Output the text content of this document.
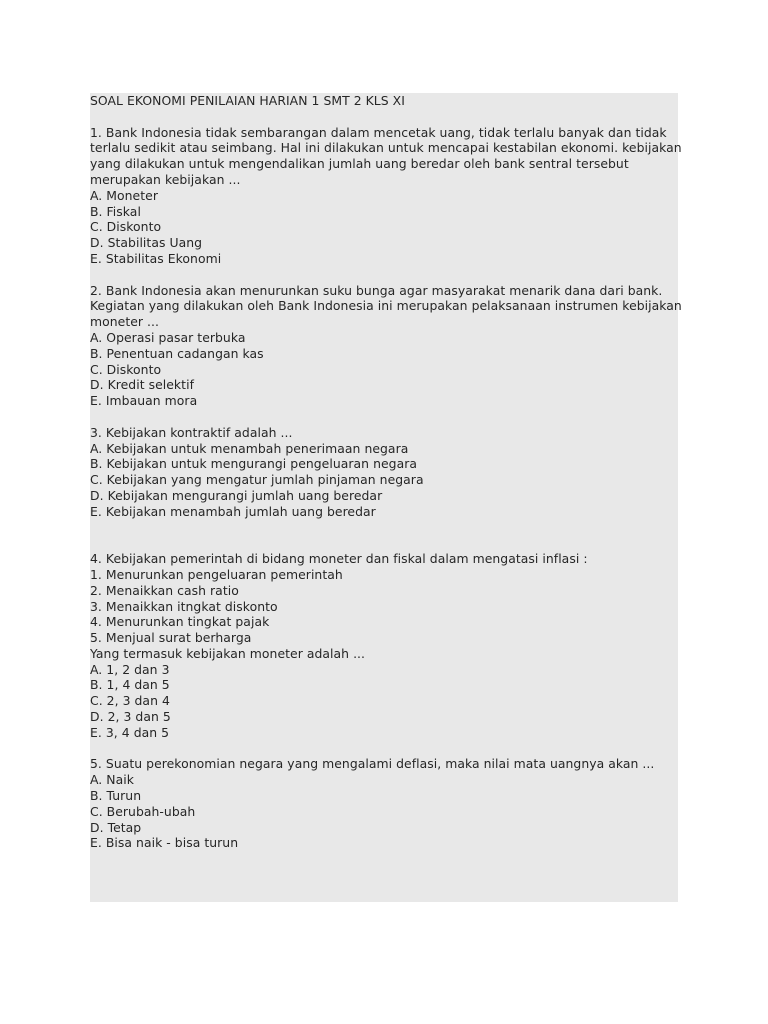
SOAL EKONOMI PENILAIAN HARIAN 1 SMT 2 KLS XI
1. Bank Indonesia tidak sembarangan dalam mencetak uang, tidak terlalu banyak dan tidak
terlalu sedikit atau seimbang. Hal ini dilakukan untuk mencapai kestabilan ekonomi. kebijakan
yang dilakukan untuk mengendalikan jumlah uang beredar oleh bank sentral tersebut
merupakan kebijakan ...
A. Moneter
B. Fiskal
C. Diskonto
D. Stabilitas Uang
E. Stabilitas Ekonomi
2. Bank Indonesia akan menurunkan suku bunga agar masyarakat menarik dana dari bank.
Kegiatan yang dilakukan oleh Bank Indonesia ini merupakan pelaksanaan instrumen kebijakan
moneter ...
A. Operasi pasar terbuka
B. Penentuan cadangan kas
C. Diskonto
D. Kredit selektif
E. Imbauan mora
3. Kebijakan kontraktif adalah ...
A. Kebijakan untuk menambah penerimaan negara
B. Kebijakan untuk mengurangi pengeluaran negara
C. Kebijakan yang mengatur jumlah pinjaman negara
D. Kebijakan mengurangi jumlah uang beredar
E. Kebijakan menambah jumlah uang beredar
4. Kebijakan pemerintah di bidang moneter dan fiskal dalam mengatasi inflasi :
1. Menurunkan pengeluaran pemerintah
2. Menaikkan cash ratio
3. Menaikkan itngkat diskonto
4. Menurunkan tingkat pajak
5. Menjual surat berharga
Yang termasuk kebijakan moneter adalah ...
A. 1, 2 dan 3
B. 1, 4 dan 5
C. 2, 3 dan 4
D. 2, 3 dan 5
E. 3, 4 dan 5
5. Suatu perekonomian negara yang mengalami deflasi, maka nilai mata uangnya akan ...
A. Naik
B. Turun
C. Berubah-ubah
D. Tetap
E. Bisa naik - bisa turun
